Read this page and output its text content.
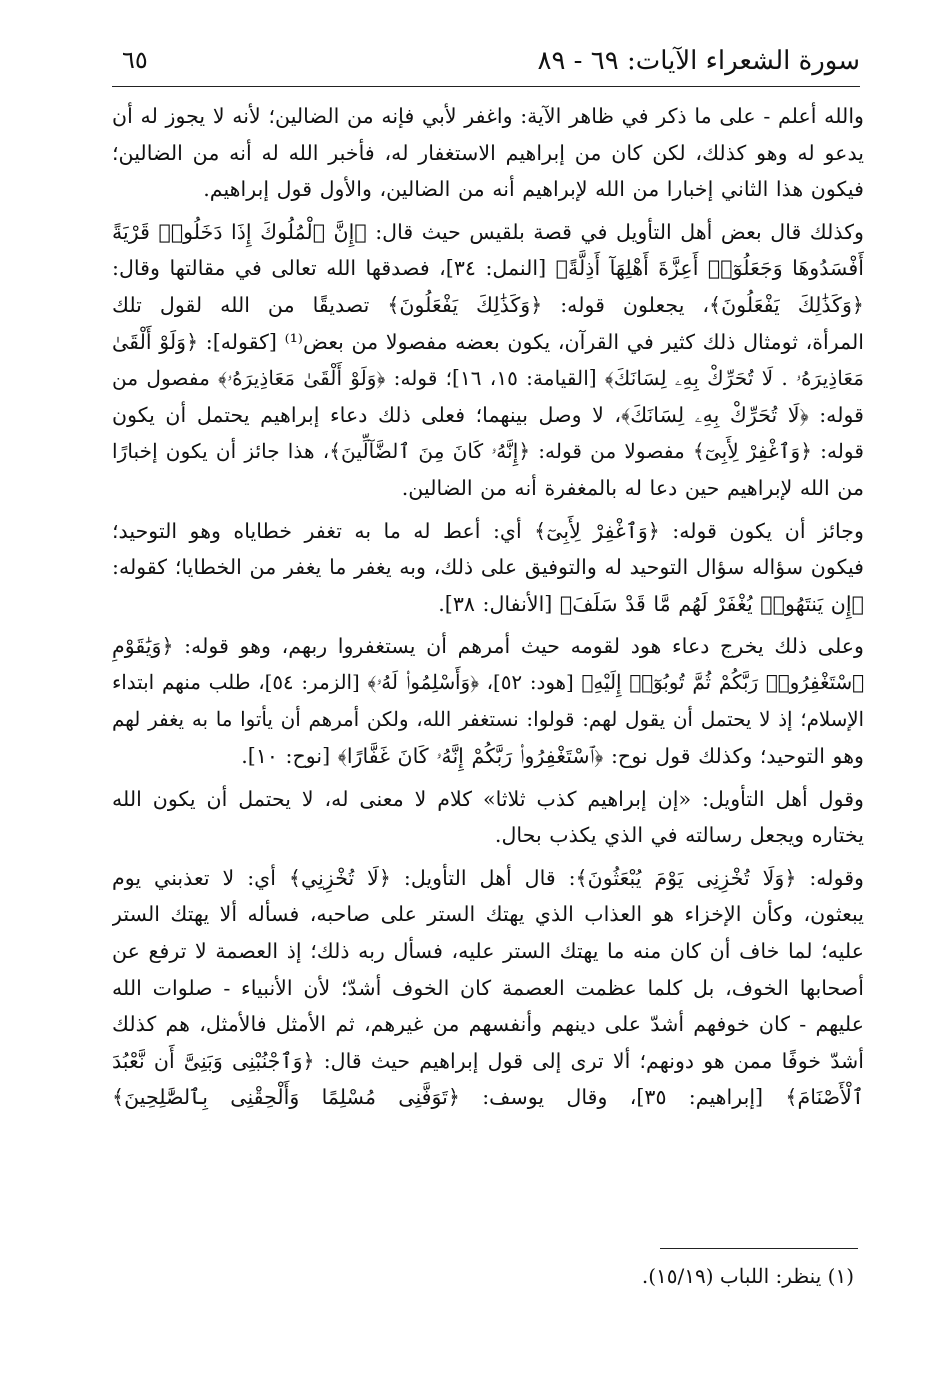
سورة الشعراء الآيات: ٦٩ - ٨٩
٦٥

والله أعلم - على ما ذكر في ظاهر الآية: واغفر لأبي فإنه من الضالين؛ لأنه لا يجوز له أن
يدعو له وهو كذلك، لكن كان من إبراهيم الاستغفار له، فأخبر الله له أنه من الضالين؛
فيكون هذا الثاني إخبارا من الله لإبراهيم أنه من الضالين، والأول قول إبراهيم.

وكذلك قال بعض أهل التأويل في قصة بلقيس حيث قال: ﴿إِنَّ ٱلْمُلُوكَ إِذَا دَخَلُوا۟ قَرْيَةً
أَفْسَدُوهَا وَجَعَلُوٓا۟ أَعِزَّةَ أَهْلِهَآ أَذِلَّةً﴾ [النمل: ٣٤]، فصدقها الله تعالى في مقالتها وقال:
﴿وَكَذَٰلِكَ يَفْعَلُونَ﴾، يجعلون قوله: ﴿وَكَذَٰلِكَ يَفْعَلُونَ﴾ تصديقًا من الله لقول تلك
المرأة، ثومثال ذلك كثير في القرآن، يكون بعضه مفصولا من بعض⁽¹⁾ [كقوله]: ﴿وَلَوْ أَلْقَىٰ
مَعَاذِيرَهُۥ . لَا تُحَرِّكْ بِهِۦ لِسَانَكَ﴾ [القيامة: ١٥، ١٦]؛ قوله: ﴿وَلَوْ أَلْقَىٰ مَعَاذِيرَهُۥ﴾ مفصول من
قوله: ﴿لَا تُحَرِّكْ بِهِۦ لِسَانَكَ﴾، لا وصل بينهما؛ فعلى ذلك دعاء إبراهيم يحتمل أن يكون
قوله: ﴿وَٱغْفِرْ لِأَبِىٓ﴾ مفصولا من قوله: ﴿إِنَّهُۥ كَانَ مِنَ ٱلضَّآلِّينَ﴾، هذا جائز أن يكون إخبارًا
من الله لإبراهيم حين دعا له بالمغفرة أنه من الضالين.

وجائز أن يكون قوله: ﴿وَٱغْفِرْ لِأَبِىٓ﴾ أي: أعط له ما به تغفر خطاياه وهو التوحيد؛
فيكون سؤاله سؤال التوحيد له والتوفيق على ذلك، وبه يغفر ما يغفر من الخطايا؛ كقوله:
﴿إِن يَنتَهُوا۟ يُغْفَرْ لَهُم مَّا قَدْ سَلَفَ﴾ [الأنفال: ٣٨].

وعلى ذلك يخرج دعاء هود لقومه حيث أمرهم أن يستغفروا ربهم، وهو قوله: ﴿وَيَٰقَوْمِ
ٱسْتَغْفِرُوا۟ رَبَّكُمْ ثُمَّ تُوبُوٓا۟ إِلَيْهِ﴾ [هود: ٥٢]، ﴿وَأَسْلِمُوا۟ لَهُۥ﴾ [الزمر: ٥٤]، طلب منهم ابتداء
الإسلام؛ إذ لا يحتمل أن يقول لهم: قولوا: نستغفر الله، ولكن أمرهم أن يأتوا ما به يغفر لهم
وهو التوحيد؛ وكذلك قول نوح: ﴿ٱسْتَغْفِرُوا۟ رَبَّكُمْ إِنَّهُۥ كَانَ غَفَّارًا﴾ [نوح: ١٠].

وقول أهل التأويل: «إن إبراهيم كذب ثلاثا» كلام لا معنى له، لا يحتمل أن يكون الله
يختاره ويجعل رسالته في الذي يكذب بحال.

وقوله: ﴿وَلَا تُخْزِنِى يَوْمَ يُبْعَثُونَ﴾: قال أهل التأويل: ﴿لَا تُخْزِنِي﴾ أي: لا تعذبني يوم
يبعثون، وكأن الإخزاء هو العذاب الذي يهتك الستر على صاحبه، فسأله ألا يهتك الستر
عليه؛ لما خاف أن كان منه ما يهتك الستر عليه، فسأل ربه ذلك؛ إذ العصمة لا ترفع عن
أصحابها الخوف، بل كلما عظمت العصمة كان الخوف أشدّ؛ لأن الأنبياء - صلوات الله
عليهم - كان خوفهم أشدّ على دينهم وأنفسهم من غيرهم، ثم الأمثل فالأمثل، هم كذلك
أشدّ خوفًا ممن هو دونهم؛ ألا ترى إلى قول إبراهيم حيث قال: ﴿وَٱجْنُبْنِى وَبَنِىَّ أَن نَّعْبُدَ
ٱلْأَصْنَامَ﴾ [إبراهيم: ٣٥]، وقال يوسف: ﴿تَوَفَّنِى مُسْلِمًا وَأَلْحِقْنِى بِٱلصَّٰلِحِينَ﴾

(١) ينظر: اللباب (١٥/١٩).
